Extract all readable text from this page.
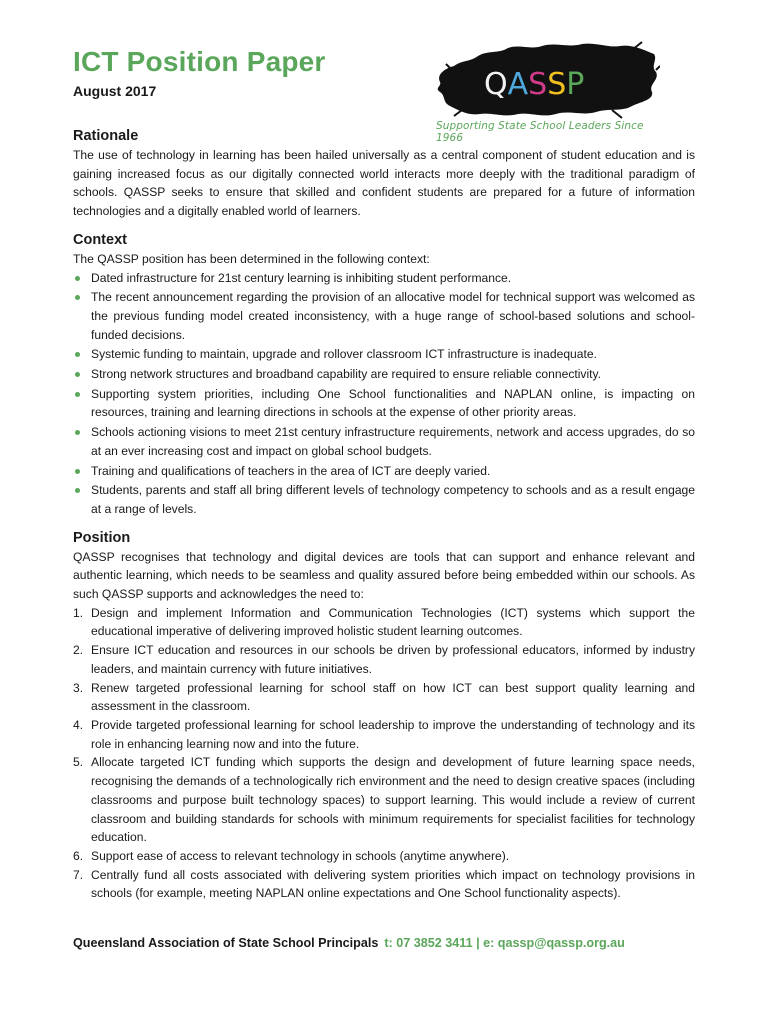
ICT Position Paper
August 2017	QASSP
Supporting State School Leaders Since 1966
Rationale

The use of technology in learning has been hailed universally as a central component of student education and is gaining increased focus as our digitally connected world interacts more deeply with the traditional paradigm of schools. QASSP seeks to ensure that skilled and confident students are prepared for a future of information technologies and a digitally enabled world of learners.

Context

The QASSP position has been determined in the following context:

Dated infrastructure for 21st century learning is inhibiting student performance.
The recent announcement regarding the provision of an allocative model for technical support was welcomed as the previous funding model created inconsistency, with a huge range of school-based solutions and school-funded decisions.
Systemic funding to maintain, upgrade and rollover classroom ICT infrastructure is inadequate.
Strong network structures and broadband capability are required to ensure reliable connectivity.
Supporting system priorities, including One School functionalities and NAPLAN online, is impacting on resources, training and learning directions in schools at the expense of other priority areas.
Schools actioning visions to meet 21st century infrastructure requirements, network and access upgrades, do so at an ever increasing cost and impact on global school budgets.
Training and qualifications of teachers in the area of ICT are deeply varied.
Students, parents and staff all bring different levels of technology competency to schools and as a result engage at a range of levels.
Position

QASSP recognises that technology and digital devices are tools that can support and enhance relevant and authentic learning, which needs to be seamless and quality assured before being embedded within our schools. As such QASSP supports and acknowledges the need to:

1. Design and implement Information and Communication Technologies (ICT) systems which support the educational imperative of delivering improved holistic student learning outcomes.
2. Ensure ICT education and resources in our schools be driven by professional educators, informed by industry leaders, and maintain currency with future initiatives.
3. Renew targeted professional learning for school staff on how ICT can best support quality learning and assessment in the classroom.
4. Provide targeted professional learning for school leadership to improve the understanding of technology and its role in enhancing learning now and into the future.
5. Allocate targeted ICT funding which supports the design and development of future learning space needs, recognising the demands of a technologically rich environment and the need to design creative spaces (including classrooms and purpose built technology spaces) to support learning. This would include a review of current classroom and building standards for schools with minimum requirements for specialist facilities for technology education.
6. Support ease of access to relevant technology in schools (anytime anywhere).
7. Centrally fund all costs associated with delivering system priorities which impact on technology provisions in schools (for example, meeting NAPLAN online expectations and One School functionality aspects).
Queensland Association of State School Principals t: 07 3852 3411 | e: qassp@qassp.org.au
